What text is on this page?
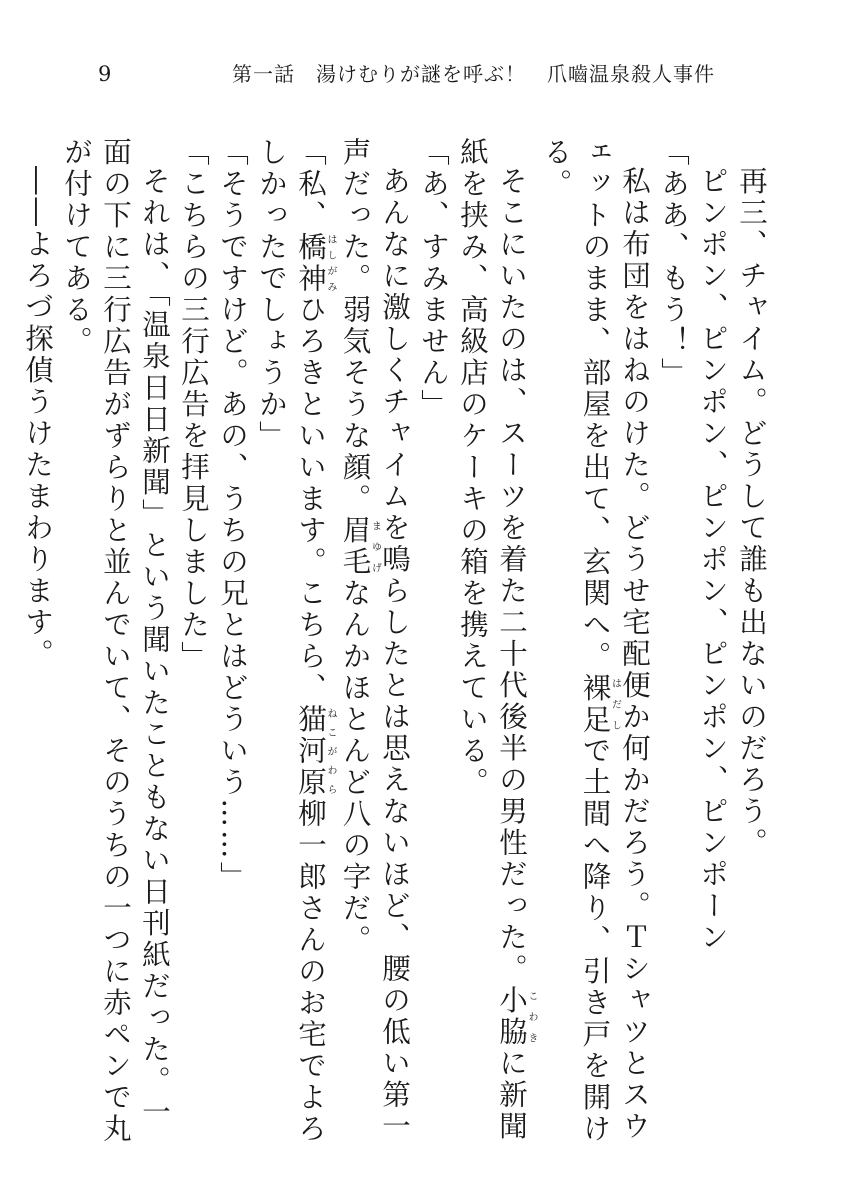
9	第一話　湯けむりが謎を呼ぶ！　爪嚙温泉殺人事件

再三、チャイム。どうして誰も出ないのだろう。

ピンポン、ピンポン、ピンポン、ピンポン、ピンポーン

「ああ、もう！」

私は布団をはねのけた。どうせ宅配便か何かだろう。Ｔシャツとスウェットのまま、部屋を出て、玄関へ。裸足はだしで土間へ降り、引き戸を開ける。

そこにいたのは、スーツを着た二十代後半の男性だった。小脇こわきに新聞紙を挟み、高級店のケーキの箱を携えている。

「あ、すみません」

あんなに激しくチャイムを鳴らしたとは思えないほど、腰の低い第一声だった。弱気そうな顔。眉毛まゆげなんかほとんど八の字だ。

「私、橋神はしがみひろきといいます。こちら、猫河原ねこがわら柳一郎さんのお宅でよろしかったでしょうか」

「そうですけど。あの、うちの兄とはどういう……」

「こちらの三行広告を拝見しました」

それは、「温泉日日新聞」という聞いたこともない日刊紙だった。一面の下に三行広告がずらりと並んでいて、そのうちの一つに赤ペンで丸が付けてある。

――よろづ探偵うけたまわります。
